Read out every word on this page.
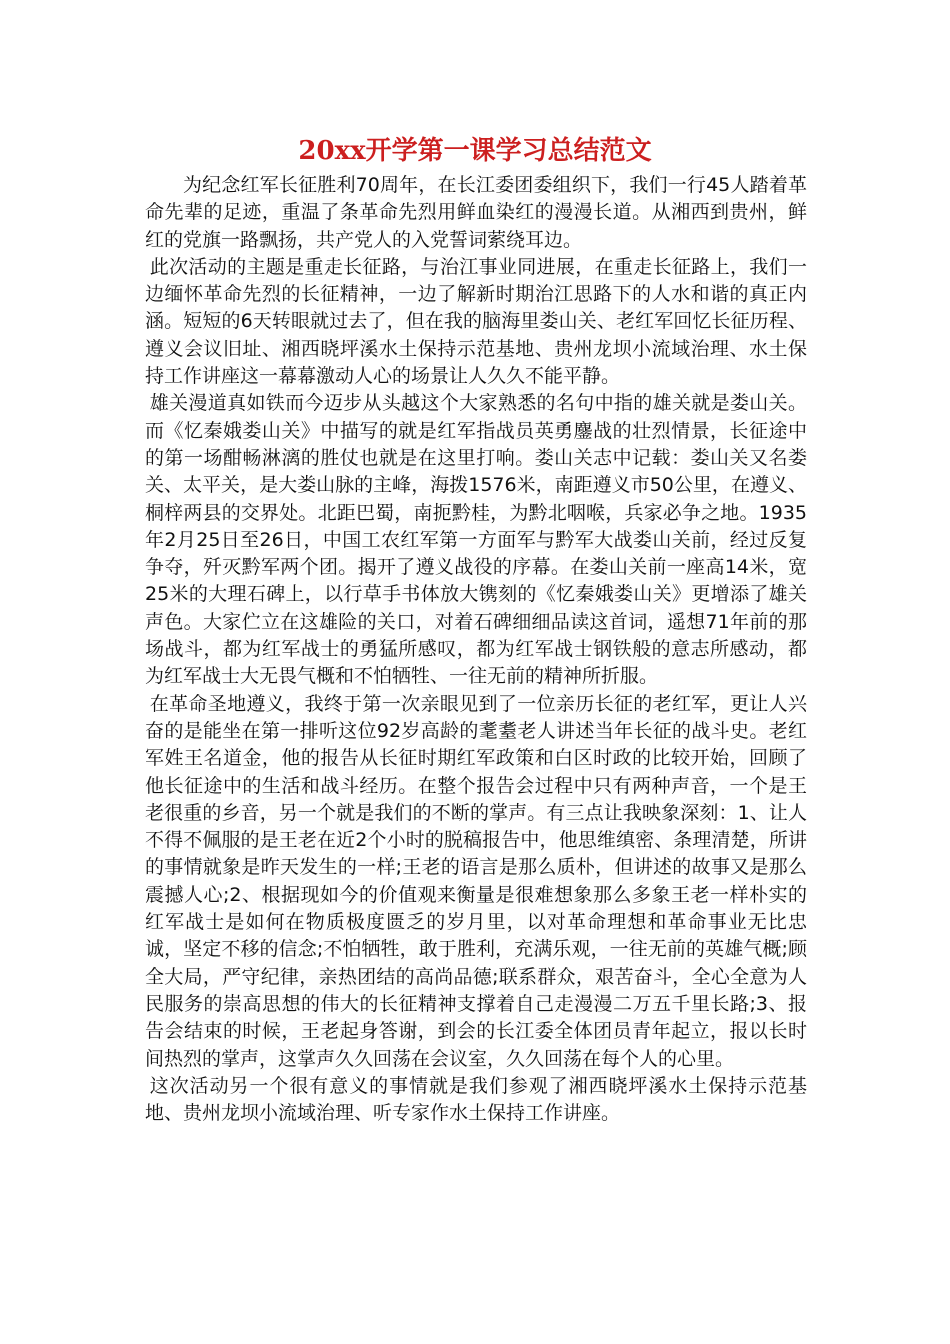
20xx开学第一课学习总结范文

为纪念红军长征胜利70周年，在长江委团委组织下，我们一行45人踏着革命先辈的足迹，重温了条革命先烈用鲜血染红的漫漫长道。从湘西到贵州，鲜红的党旗一路飘扬，共产党人的入党誓词萦绕耳边。

此次活动的主题是重走长征路，与治江事业同进展，在重走长征路上，我们一边缅怀革命先烈的长征精神，一边了解新时期治江思路下的人水和谐的真正内涵。短短的6天转眼就过去了，但在我的脑海里娄山关、老红军回忆长征历程、遵义会议旧址、湘西晓坪溪水土保持示范基地、贵州龙坝小流域治理、水土保持工作讲座这一幕幕激动人心的场景让人久久不能平静。

雄关漫道真如铁而今迈步从头越这个大家熟悉的名句中指的雄关就是娄山关。而《忆秦娥娄山关》中描写的就是红军指战员英勇鏖战的壮烈情景，长征途中的第一场酣畅淋漓的胜仗也就是在这里打响。娄山关志中记载：娄山关又名娄关、太平关，是大娄山脉的主峰，海拨1576米，南距遵义市50公里，在遵义、桐梓两县的交界处。北距巴蜀，南扼黔桂，为黔北咽喉，兵家必争之地。1935年2月25日至26日，中国工农红军第一方面军与黔军大战娄山关前，经过反复争夺，歼灭黔军两个团。揭开了遵义战役的序幕。在娄山关前一座高14米，宽25米的大理石碑上，以行草手书体放大镌刻的《忆秦娥娄山关》更增添了雄关声色。大家伫立在这雄险的关口，对着石碑细细品读这首词，遥想71年前的那场战斗，都为红军战士的勇猛所感叹，都为红军战士钢铁般的意志所感动，都为红军战士大无畏气概和不怕牺牲、一往无前的精神所折服。

在革命圣地遵义，我终于第一次亲眼见到了一位亲历长征的老红军，更让人兴奋的是能坐在第一排听这位92岁高龄的耄耋老人讲述当年长征的战斗史。老红军姓王名道金，他的报告从长征时期红军政策和白区时政的比较开始，回顾了他长征途中的生活和战斗经历。在整个报告会过程中只有两种声音，一个是王老很重的乡音，另一个就是我们的不断的掌声。有三点让我映象深刻：1、让人不得不佩服的是王老在近2个小时的脱稿报告中，他思维缜密、条理清楚，所讲的事情就象是昨天发生的一样;王老的语言是那么质朴，但讲述的故事又是那么震撼人心;2、根据现如今的价值观来衡量是很难想象那么多象王老一样朴实的红军战士是如何在物质极度匮乏的岁月里，以对革命理想和革命事业无比忠诚，坚定不移的信念;不怕牺牲，敢于胜利，充满乐观，一往无前的英雄气概;顾全大局，严守纪律，亲热团结的高尚品德;联系群众，艰苦奋斗，全心全意为人民服务的崇高思想的伟大的长征精神支撑着自己走漫漫二万五千里长路;3、报告会结束的时候，王老起身答谢，到会的长江委全体团员青年起立，报以长时间热烈的掌声，这掌声久久回荡在会议室，久久回荡在每个人的心里。

这次活动另一个很有意义的事情就是我们参观了湘西晓坪溪水土保持示范基地、贵州龙坝小流域治理、听专家作水土保持工作讲座。
